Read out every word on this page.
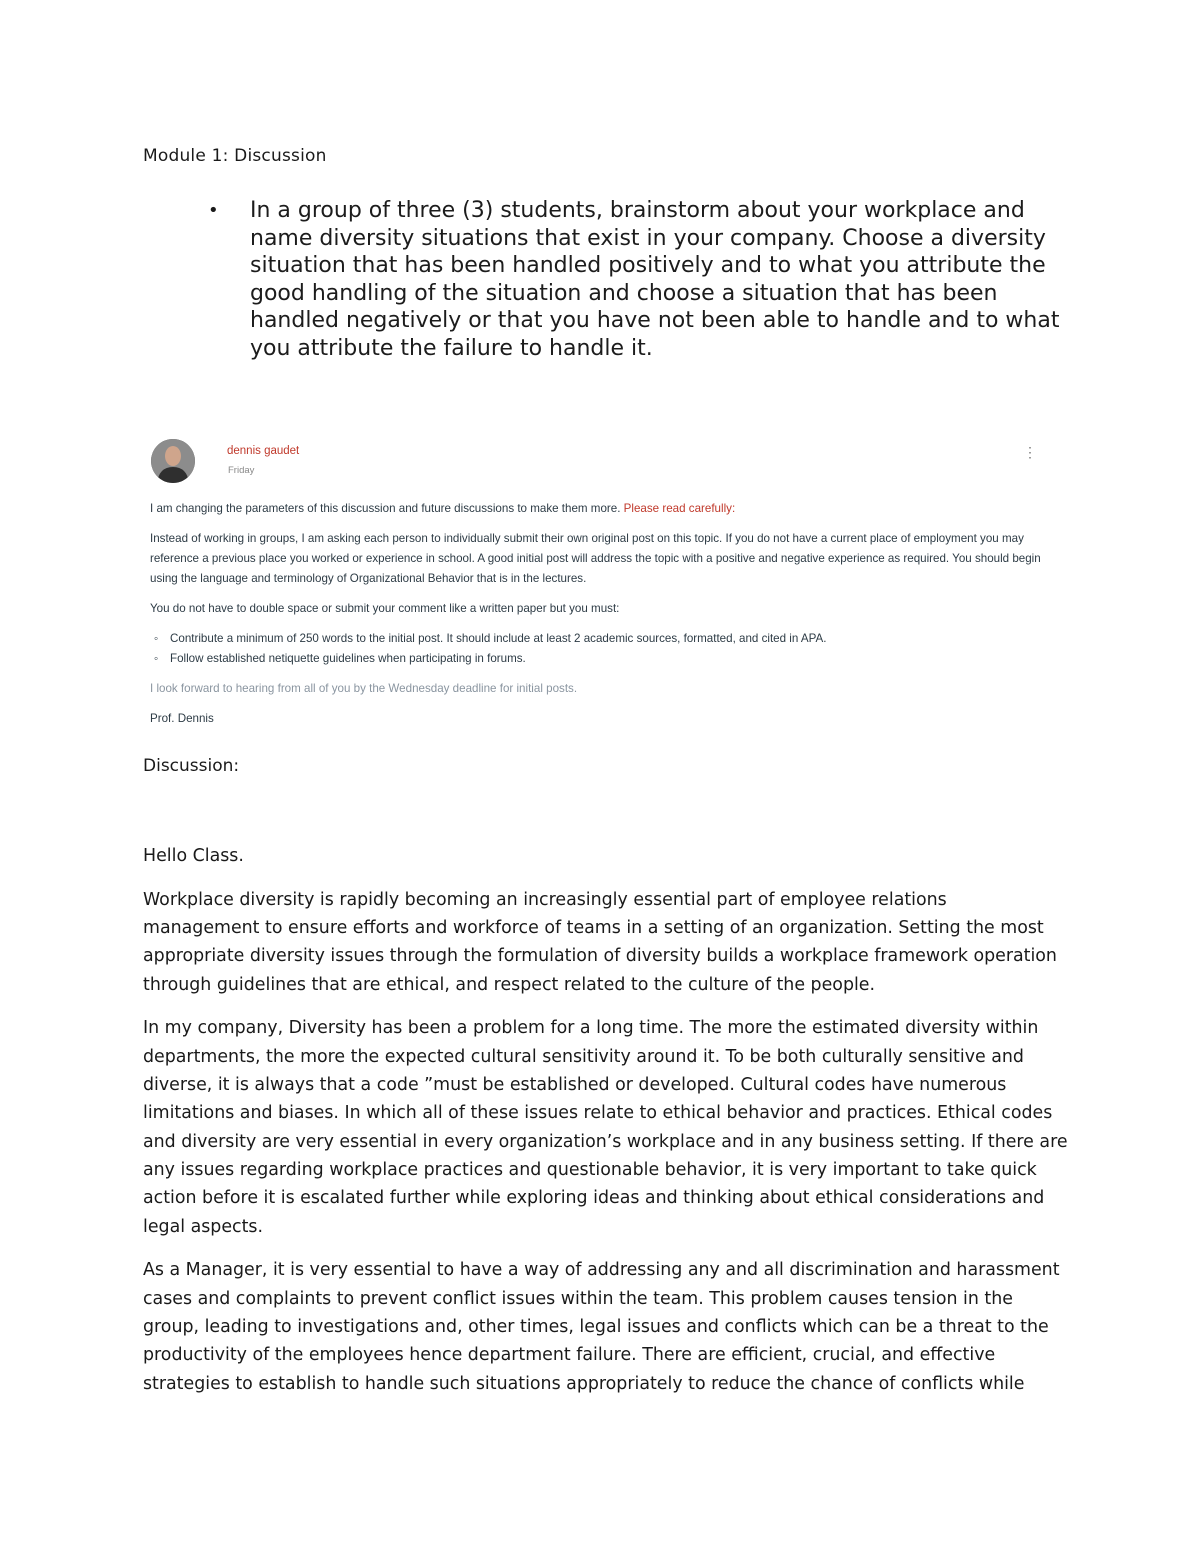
Module 1: Discussion
•	In a group of three (3) students, brainstorm about your workplace and name diversity situations that exist in your company. Choose a diversity situation that has been handled positively and to what you attribute the good handling of the situation and choose a situation that has been handled negatively or that you have not been able to handle and to what you attribute the failure to handle it.
dennis gaudet
Friday
⋮

I am changing the parameters of this discussion and future discussions to make them more. Please read carefully:

Instead of working in groups, I am asking each person to individually submit their own original post on this topic. If you do not have a current place of employment you may reference a previous place you worked or experience in school. A good initial post will address the topic with a positive and negative experience as required. You should begin using the language and terminology of Organizational Behavior that is in the lectures.

You do not have to double space or submit your comment like a written paper but you must:

◦ Contribute a minimum of 250 words to the initial post. It should include at least 2 academic sources, formatted, and cited in APA.
◦ Follow established netiquette guidelines when participating in forums.

I look forward to hearing from all of you by the Wednesday deadline for initial posts.

Prof. Dennis

Discussion:

Hello Class.

Workplace diversity is rapidly becoming an increasingly essential part of employee relations management to ensure efforts and workforce of teams in a setting of an organization. Setting the most appropriate diversity issues through the formulation of diversity builds a workplace framework operation through guidelines that are ethical, and respect related to the culture of the people.

In my company, Diversity has been a problem for a long time. The more the estimated diversity within departments, the more the expected cultural sensitivity around it. To be both culturally sensitive and diverse, it is always that a code ”must be established or developed. Cultural codes have numerous limitations and biases. In which all of these issues relate to ethical behavior and practices. Ethical codes and diversity are very essential in every organization’s workplace and in any business setting. If there are any issues regarding workplace practices and questionable behavior, it is very important to take quick action before it is escalated further while exploring ideas and thinking about ethical considerations and legal aspects.

As a Manager, it is very essential to have a way of addressing any and all discrimination and harassment cases and complaints to prevent conflict issues within the team. This problem causes tension in the group, leading to investigations and, other times, legal issues and conflicts which can be a threat to the productivity of the employees hence department failure. There are efficient, crucial, and effective strategies to establish to handle such situations appropriately to reduce the chance of conflicts while
